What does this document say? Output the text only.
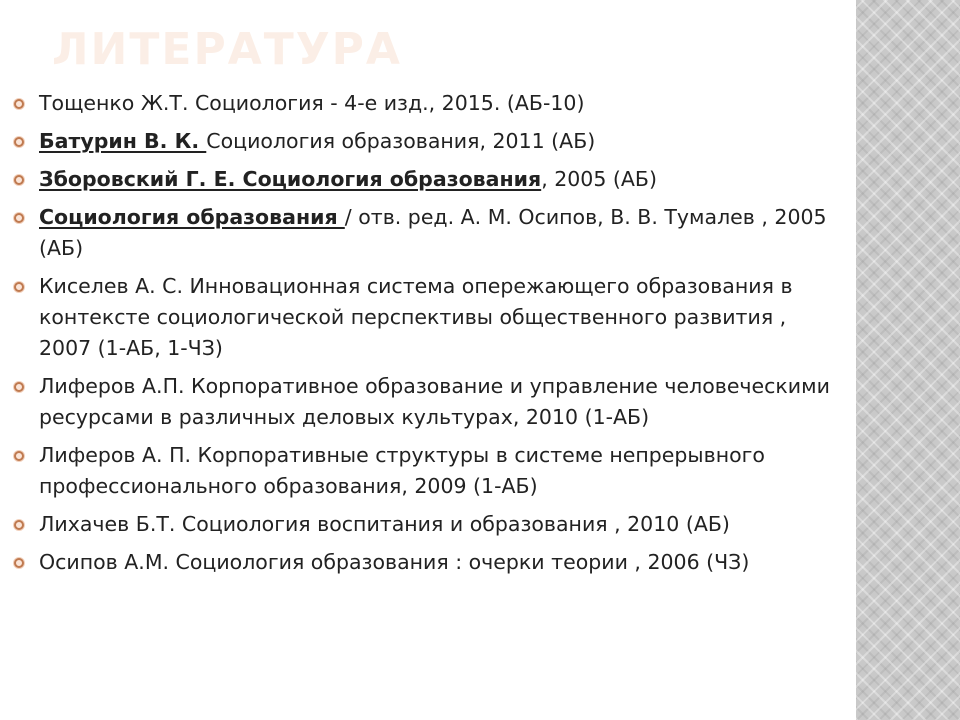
ЛИТЕРАТУРА
Тощенко Ж.Т. Социология - 4-е изд., 2015. (АБ-10)
Батурин В. К. Социология образования, 2011 (АБ)
Зборовский Г. Е. Социология образования, 2005 (АБ)
Социология образования / отв. ред. А. М. Осипов, В. В. Тумалев , 2005 (АБ)
Киселев А. С. Инновационная система опережающего образования в контексте социологической перспективы общественного развития , 2007 (1-АБ, 1-ЧЗ)
Лиферов А.П. Корпоративное образование и управление человеческими ресурсами в различных деловых культурах, 2010 (1-АБ)
Лиферов А. П. Корпоративные структуры в системе непрерывного профессионального образования, 2009 (1-АБ)
Лихачев Б.Т. Социология воспитания и образования , 2010 (АБ)
Осипов А.М. Социология образования : очерки теории , 2006 (ЧЗ)
